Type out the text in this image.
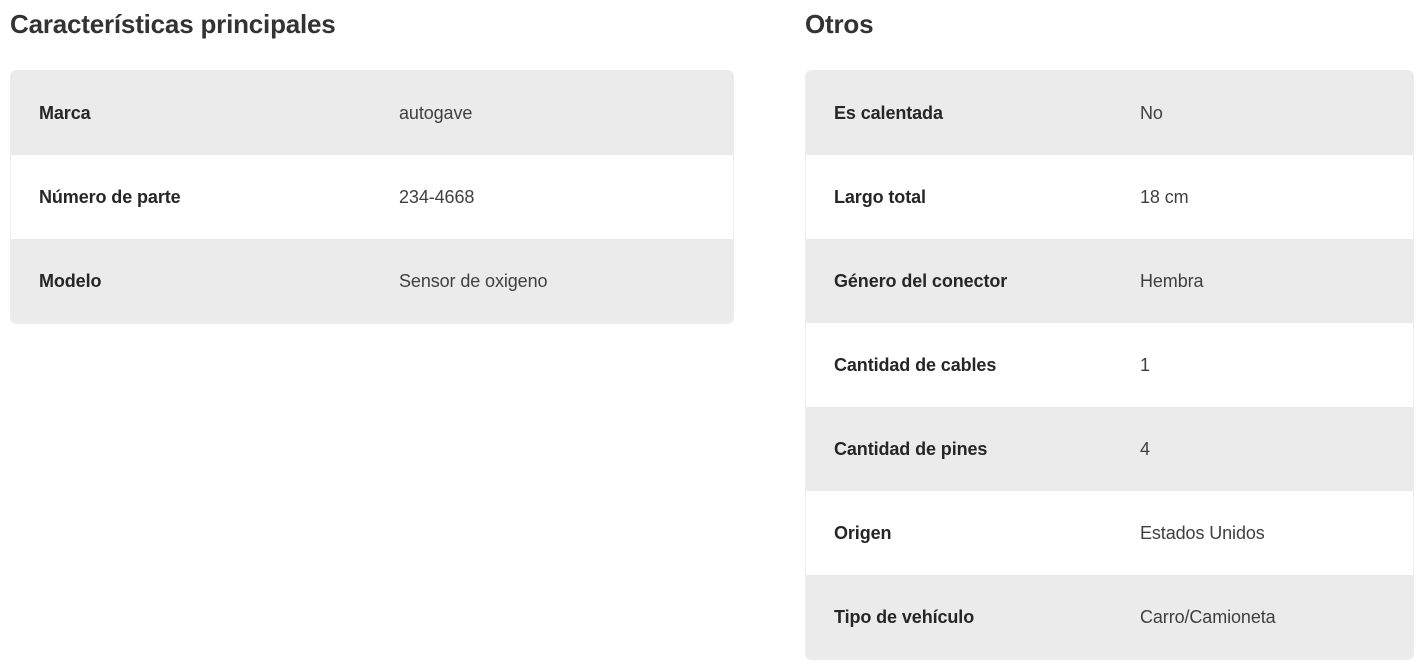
Características principales
Marca	autogave
Número de parte	234-4668
Modelo	Sensor de oxigeno
Otros
Es calentada	No
Largo total	18 cm
Género del conector	Hembra
Cantidad de cables	1
Cantidad de pines	4
Origen	Estados Unidos
Tipo de vehículo	Carro/Camioneta
